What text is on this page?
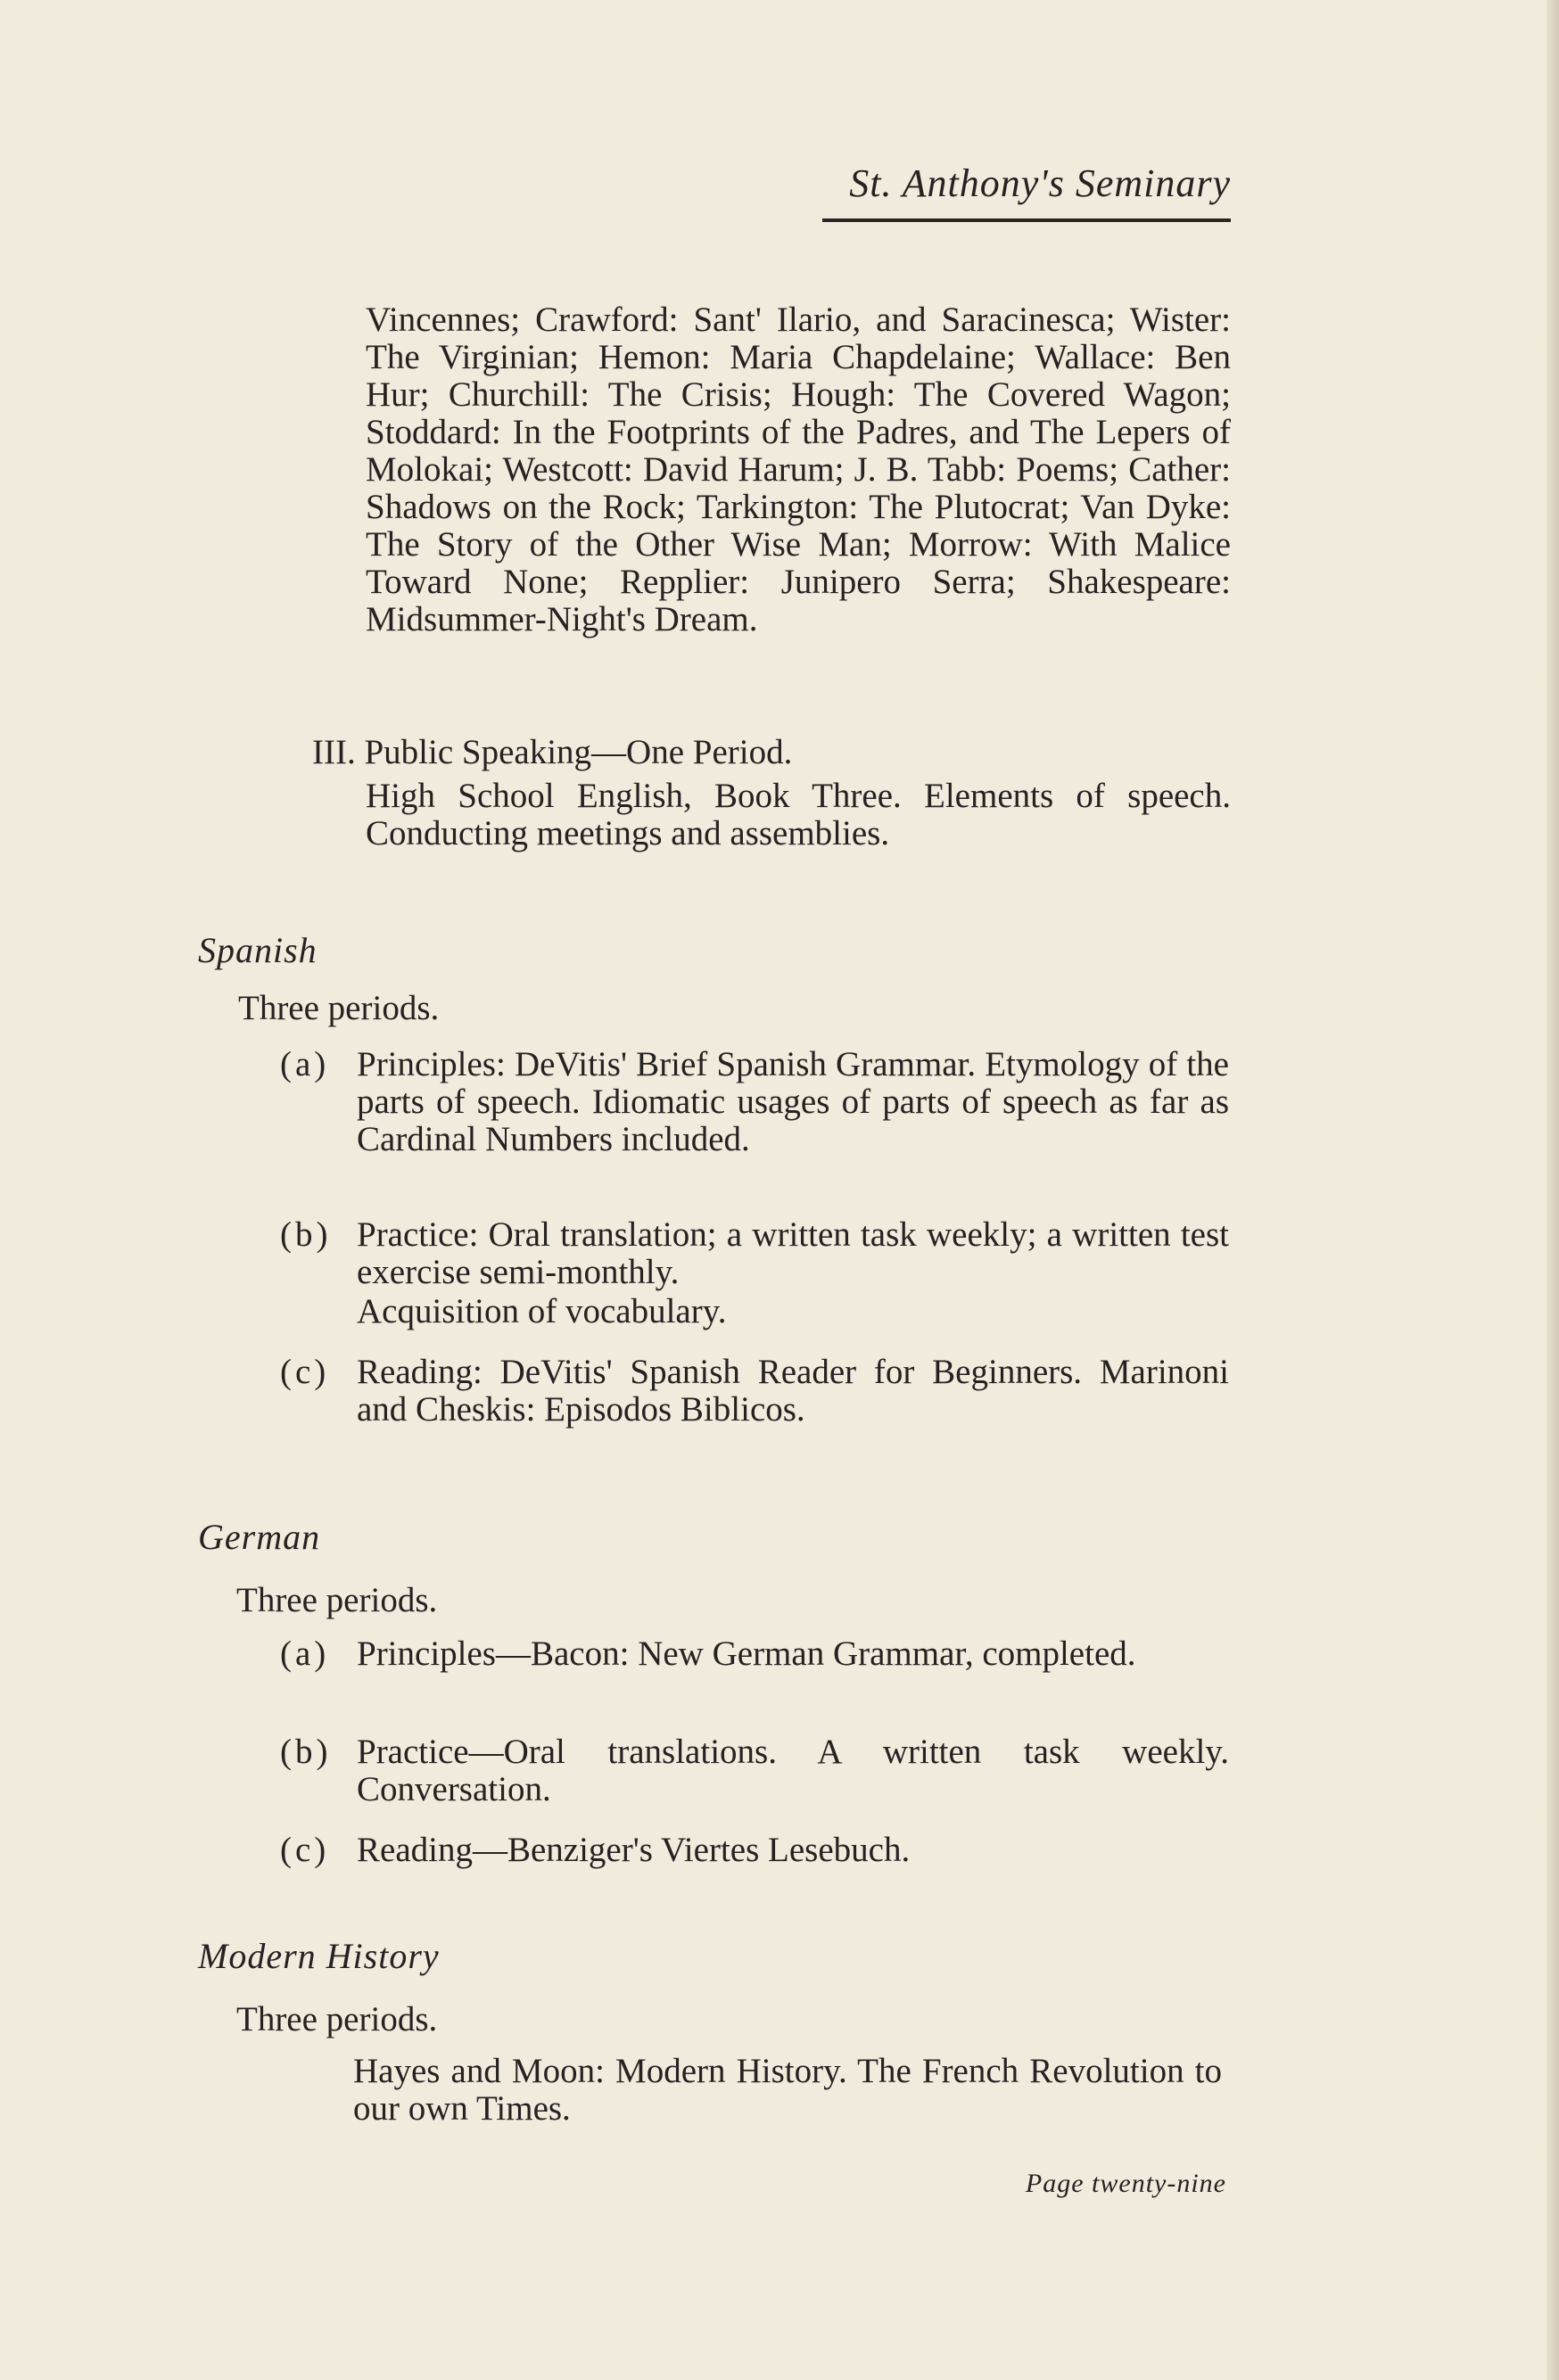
St. Anthony's Seminary
Vincennes; Crawford: Sant' Ilario, and Saracinesca; Wister: The Virginian; Hemon: Maria Chapdelaine; Wallace: Ben Hur; Churchill: The Crisis; Hough: The Covered Wagon; Stoddard: In the Footprints of the Padres, and The Lepers of Molokai; Westcott: David Harum; J. B. Tabb: Poems; Cather: Shadows on the Rock; Tarkington: The Plutocrat; Van Dyke: The Story of the Other Wise Man; Morrow: With Malice Toward None; Repplier: Junipero Serra; Shakespeare: Midsummer-Night's Dream.
III. Public Speaking—One Period.
High School English, Book Three. Elements of speech. Conducting meetings and assemblies.
Spanish
Three periods.
(a) Principles: DeVitis' Brief Spanish Grammar. Etymology of the parts of speech. Idiomatic usages of parts of speech as far as Cardinal Numbers included.
(b) Practice: Oral translation; a written task weekly; a written test exercise semi-monthly.
Acquisition of vocabulary.
(c) Reading: DeVitis' Spanish Reader for Beginners. Marinoni and Cheskis: Episodos Biblicos.
German
Three periods.
(a) Principles—Bacon: New German Grammar, completed.
(b) Practice—Oral translations. A written task weekly. Conversation.
(c) Reading—Benziger's Viertes Lesebuch.
Modern History
Three periods.
Hayes and Moon: Modern History. The French Revolution to our own Times.
Page twenty-nine
